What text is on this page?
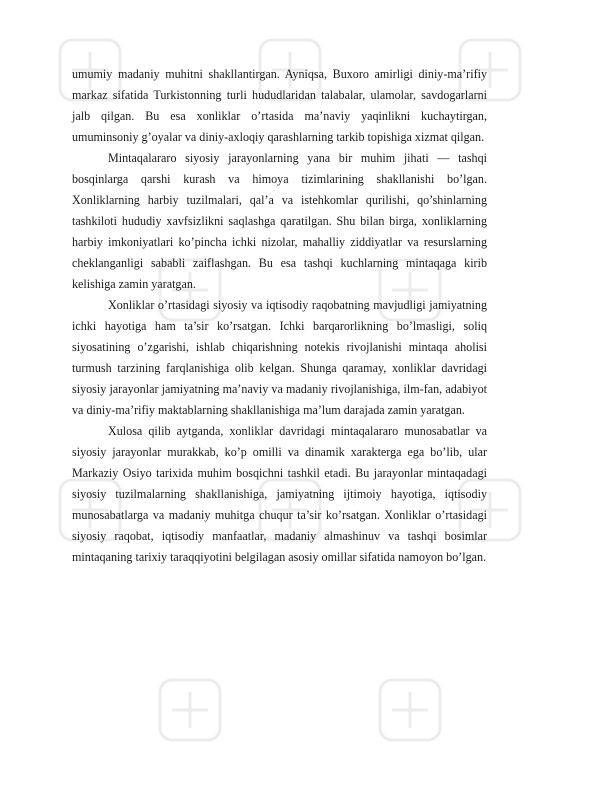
umumiy madaniy muhitni shakllantirgan. Ayniqsa, Buxoro amirligi diniy-ma’rifiy markaz sifatida Turkistonning turli hududlaridan talabalar, ulamolar, savdogarlarni jalb qilgan. Bu esa xonliklar o’rtasida ma’naviy yaqinlikni kuchaytirgan, umuminsoniy g’oyalar va diniy-axloqiy qarashlarning tarkib topishiga xizmat qilgan.

Mintaqalararo siyosiy jarayonlarning yana bir muhim jihati — tashqi bosqinlarga qarshi kurash va himoya tizimlarining shakllanishi bo’lgan. Xonliklarning harbiy tuzilmalari, qal’a va istehkomlar qurilishi, qo’shinlarning tashkiloti hududiy xavfsizlikni saqlashga qaratilgan. Shu bilan birga, xonliklarning harbiy imkoniyatlari ko’pincha ichki nizolar, mahalliy ziddiyatlar va resurslarning cheklanganligi sababli zaiflashgan. Bu esa tashqi kuchlarning mintaqaga kirib kelishiga zamin yaratgan.

Xonliklar o’rtasidagi siyosiy va iqtisodiy raqobatning mavjudligi jamiyatning ichki hayotiga ham ta’sir ko’rsatgan. Ichki barqarorlikning bo’lmasligi, soliq siyosatining o’zgarishi, ishlab chiqarishning notekis rivojlanishi mintaqa aholisi turmush tarzining farqlanishiga olib kelgan. Shunga qaramay, xonliklar davridagi siyosiy jarayonlar jamiyatning ma’naviy va madaniy rivojlanishiga, ilm-fan, adabiyot va diniy-ma’rifiy maktablarning shakllanishiga ma’lum darajada zamin yaratgan.

Xulosa qilib aytganda, xonliklar davridagi mintaqalararo munosabatlar va siyosiy jarayonlar murakkab, ko’p omilli va dinamik xarakterga ega bo’lib, ular Markaziy Osiyo tarixida muhim bosqichni tashkil etadi. Bu jarayonlar mintaqadagi siyosiy tuzilmalarning shakllanishiga, jamiyatning ijtimoiy hayotiga, iqtisodiy munosabatlarga va madaniy muhitga chuqur ta’sir ko’rsatgan. Xonliklar o’rtasidagi siyosiy raqobat, iqtisodiy manfaatlar, madaniy almashinuv va tashqi bosimlar mintaqaning tarixiy taraqqiyotini belgilagan asosiy omillar sifatida namoyon bo’lgan.
